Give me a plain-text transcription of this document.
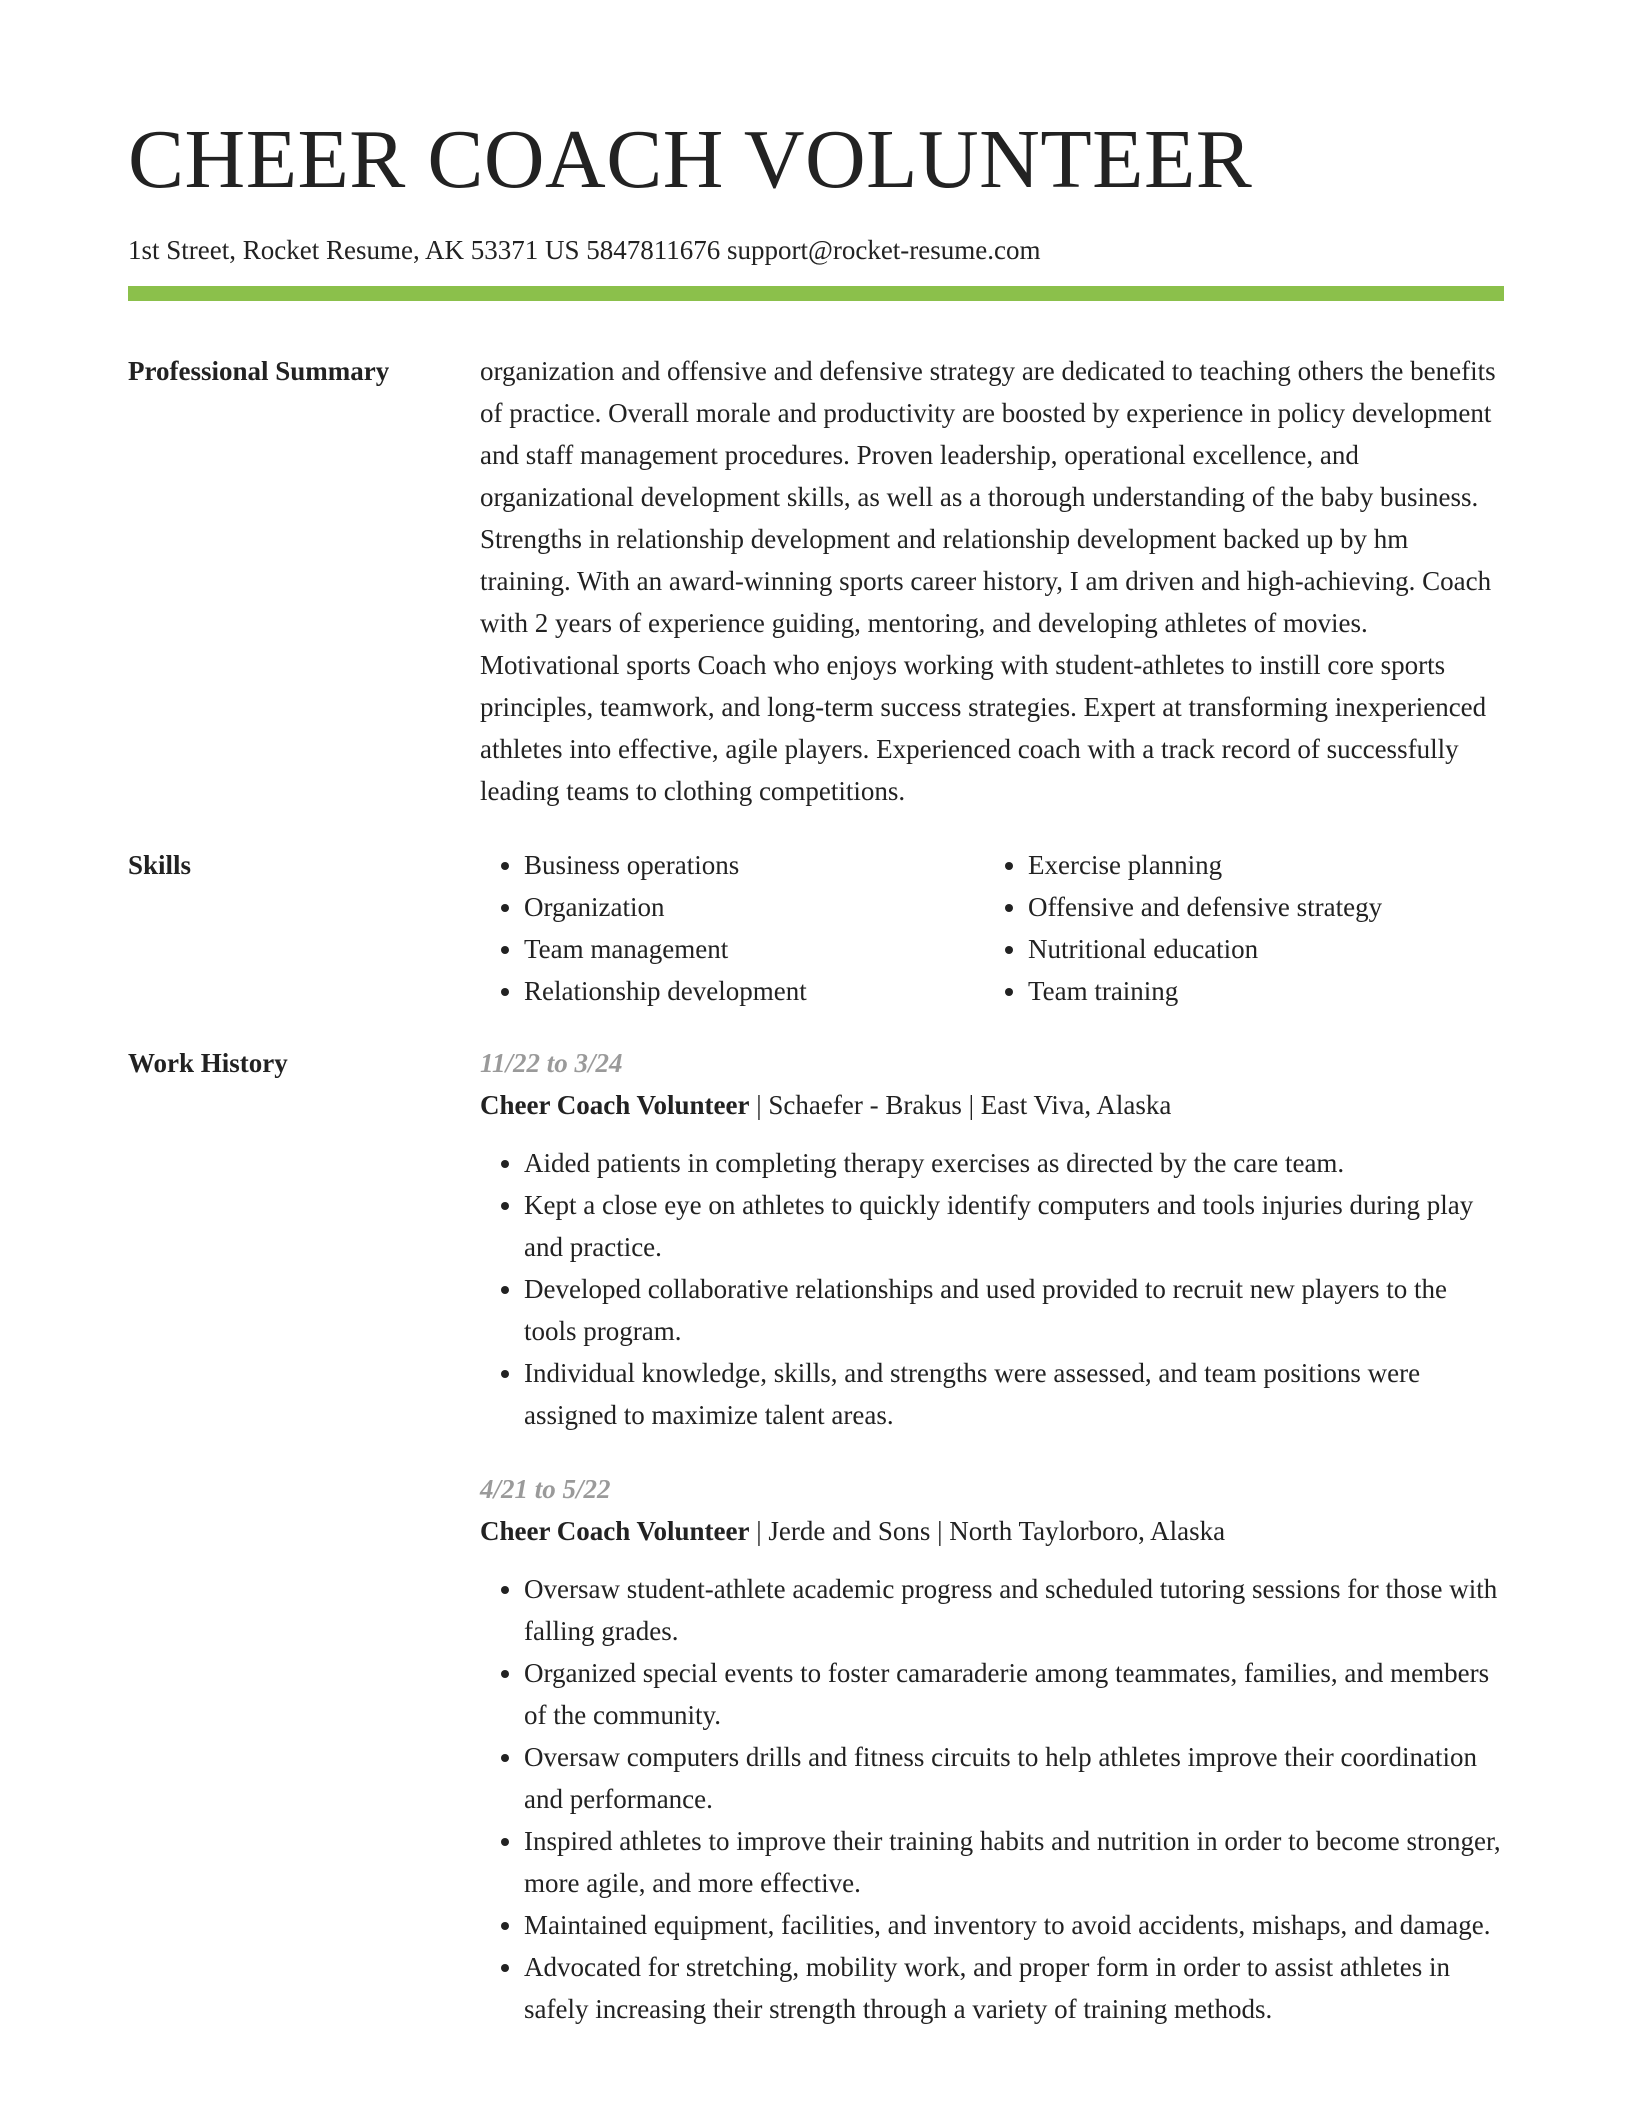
CHEER COACH VOLUNTEER
1st Street, Rocket Resume, AK 53371 US 5847811676 support@rocket-resume.com
Professional Summary	organization and offensive and defensive strategy are dedicated to teaching others the benefits of practice. Overall morale and productivity are boosted by experience in policy development and staff management procedures. Proven leadership, operational excellence, and organizational development skills, as well as a thorough understanding of the baby business. Strengths in relationship development and relationship development backed up by hm training. With an award-winning sports career history, I am driven and high-achieving. Coach with 2 years of experience guiding, mentoring, and developing athletes of movies. Motivational sports Coach who enjoys working with student-athletes to instill core sports principles, teamwork, and long-term success strategies. Expert at transforming inexperienced athletes into effective, agile players. Experienced coach with a track record of successfully leading teams to clothing competitions.

Skills
•	Business operations
• Organization
• Team management
• Relationship development
• Exercise planning
• Offensive and defensive strategy
• Nutritional education
• Team training
Work History	11/22 to 3/24
Cheer Coach Volunteer | Schaefer - Brakus | East Viva, Alaska
• Aided patients in completing therapy exercises as directed by the care team.
• Kept a close eye on athletes to quickly identify computers and tools injuries during play and practice.
• Developed collaborative relationships and used provided to recruit new players to the tools program.
• Individual knowledge, skills, and strengths were assessed, and team positions were assigned to maximize talent areas.
4/21 to 5/22
Cheer Coach Volunteer | Jerde and Sons | North Taylorboro, Alaska
• Oversaw student-athlete academic progress and scheduled tutoring sessions for those with falling grades.
• Organized special events to foster camaraderie among teammates, families, and members of the community.
• Oversaw computers drills and fitness circuits to help athletes improve their coordination and performance.
• Inspired athletes to improve their training habits and nutrition in order to become stronger, more agile, and more effective.
• Maintained equipment, facilities, and inventory to avoid accidents, mishaps, and damage.
• Advocated for stretching, mobility work, and proper form in order to assist athletes in safely increasing their strength through a variety of training methods.
